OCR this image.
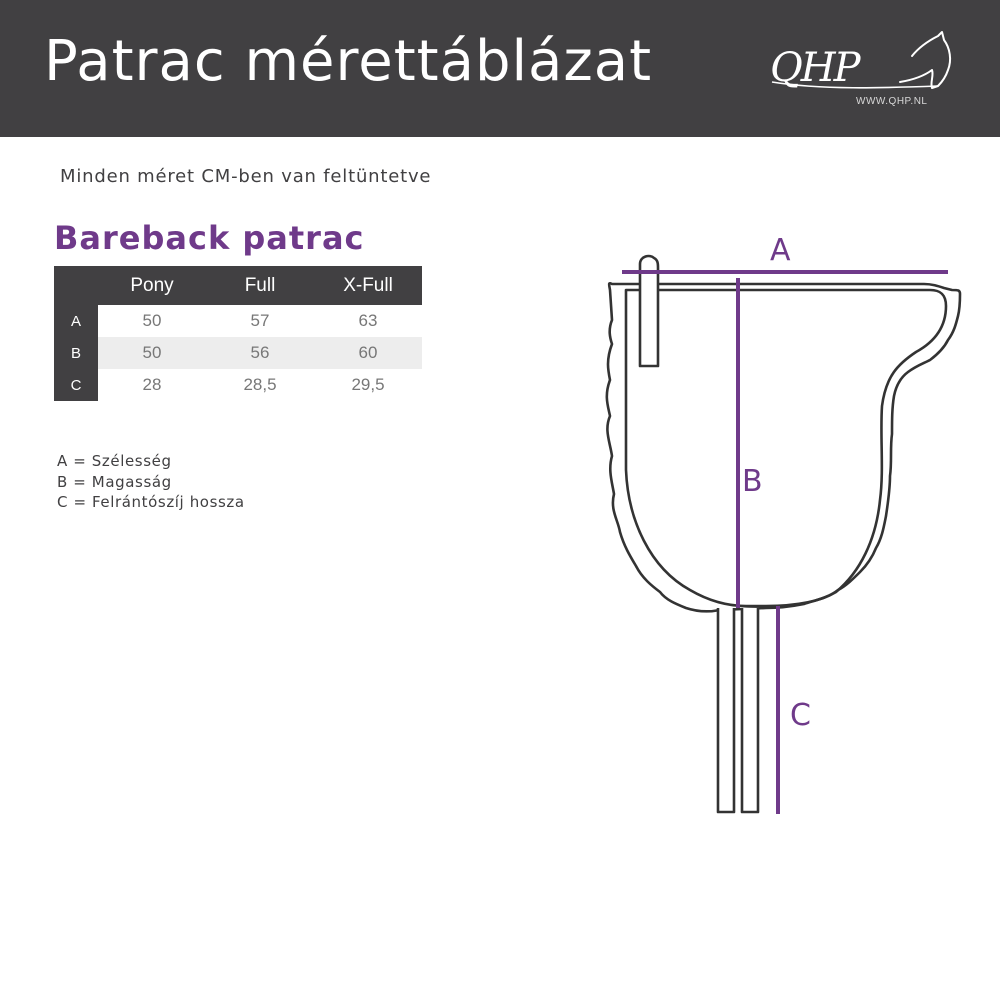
Patrac mérettáblázat	QHP
WWW.QHP.NL
Minden méret CM-ben van feltüntetve
Bareback patrac
	Pony	Full	X-Full
A	50	57	63
B	50	56	60
C	28	28,5	29,5
A = Szélesség
B = Magasság
C = Felrántószíj hossza
A
B
C
